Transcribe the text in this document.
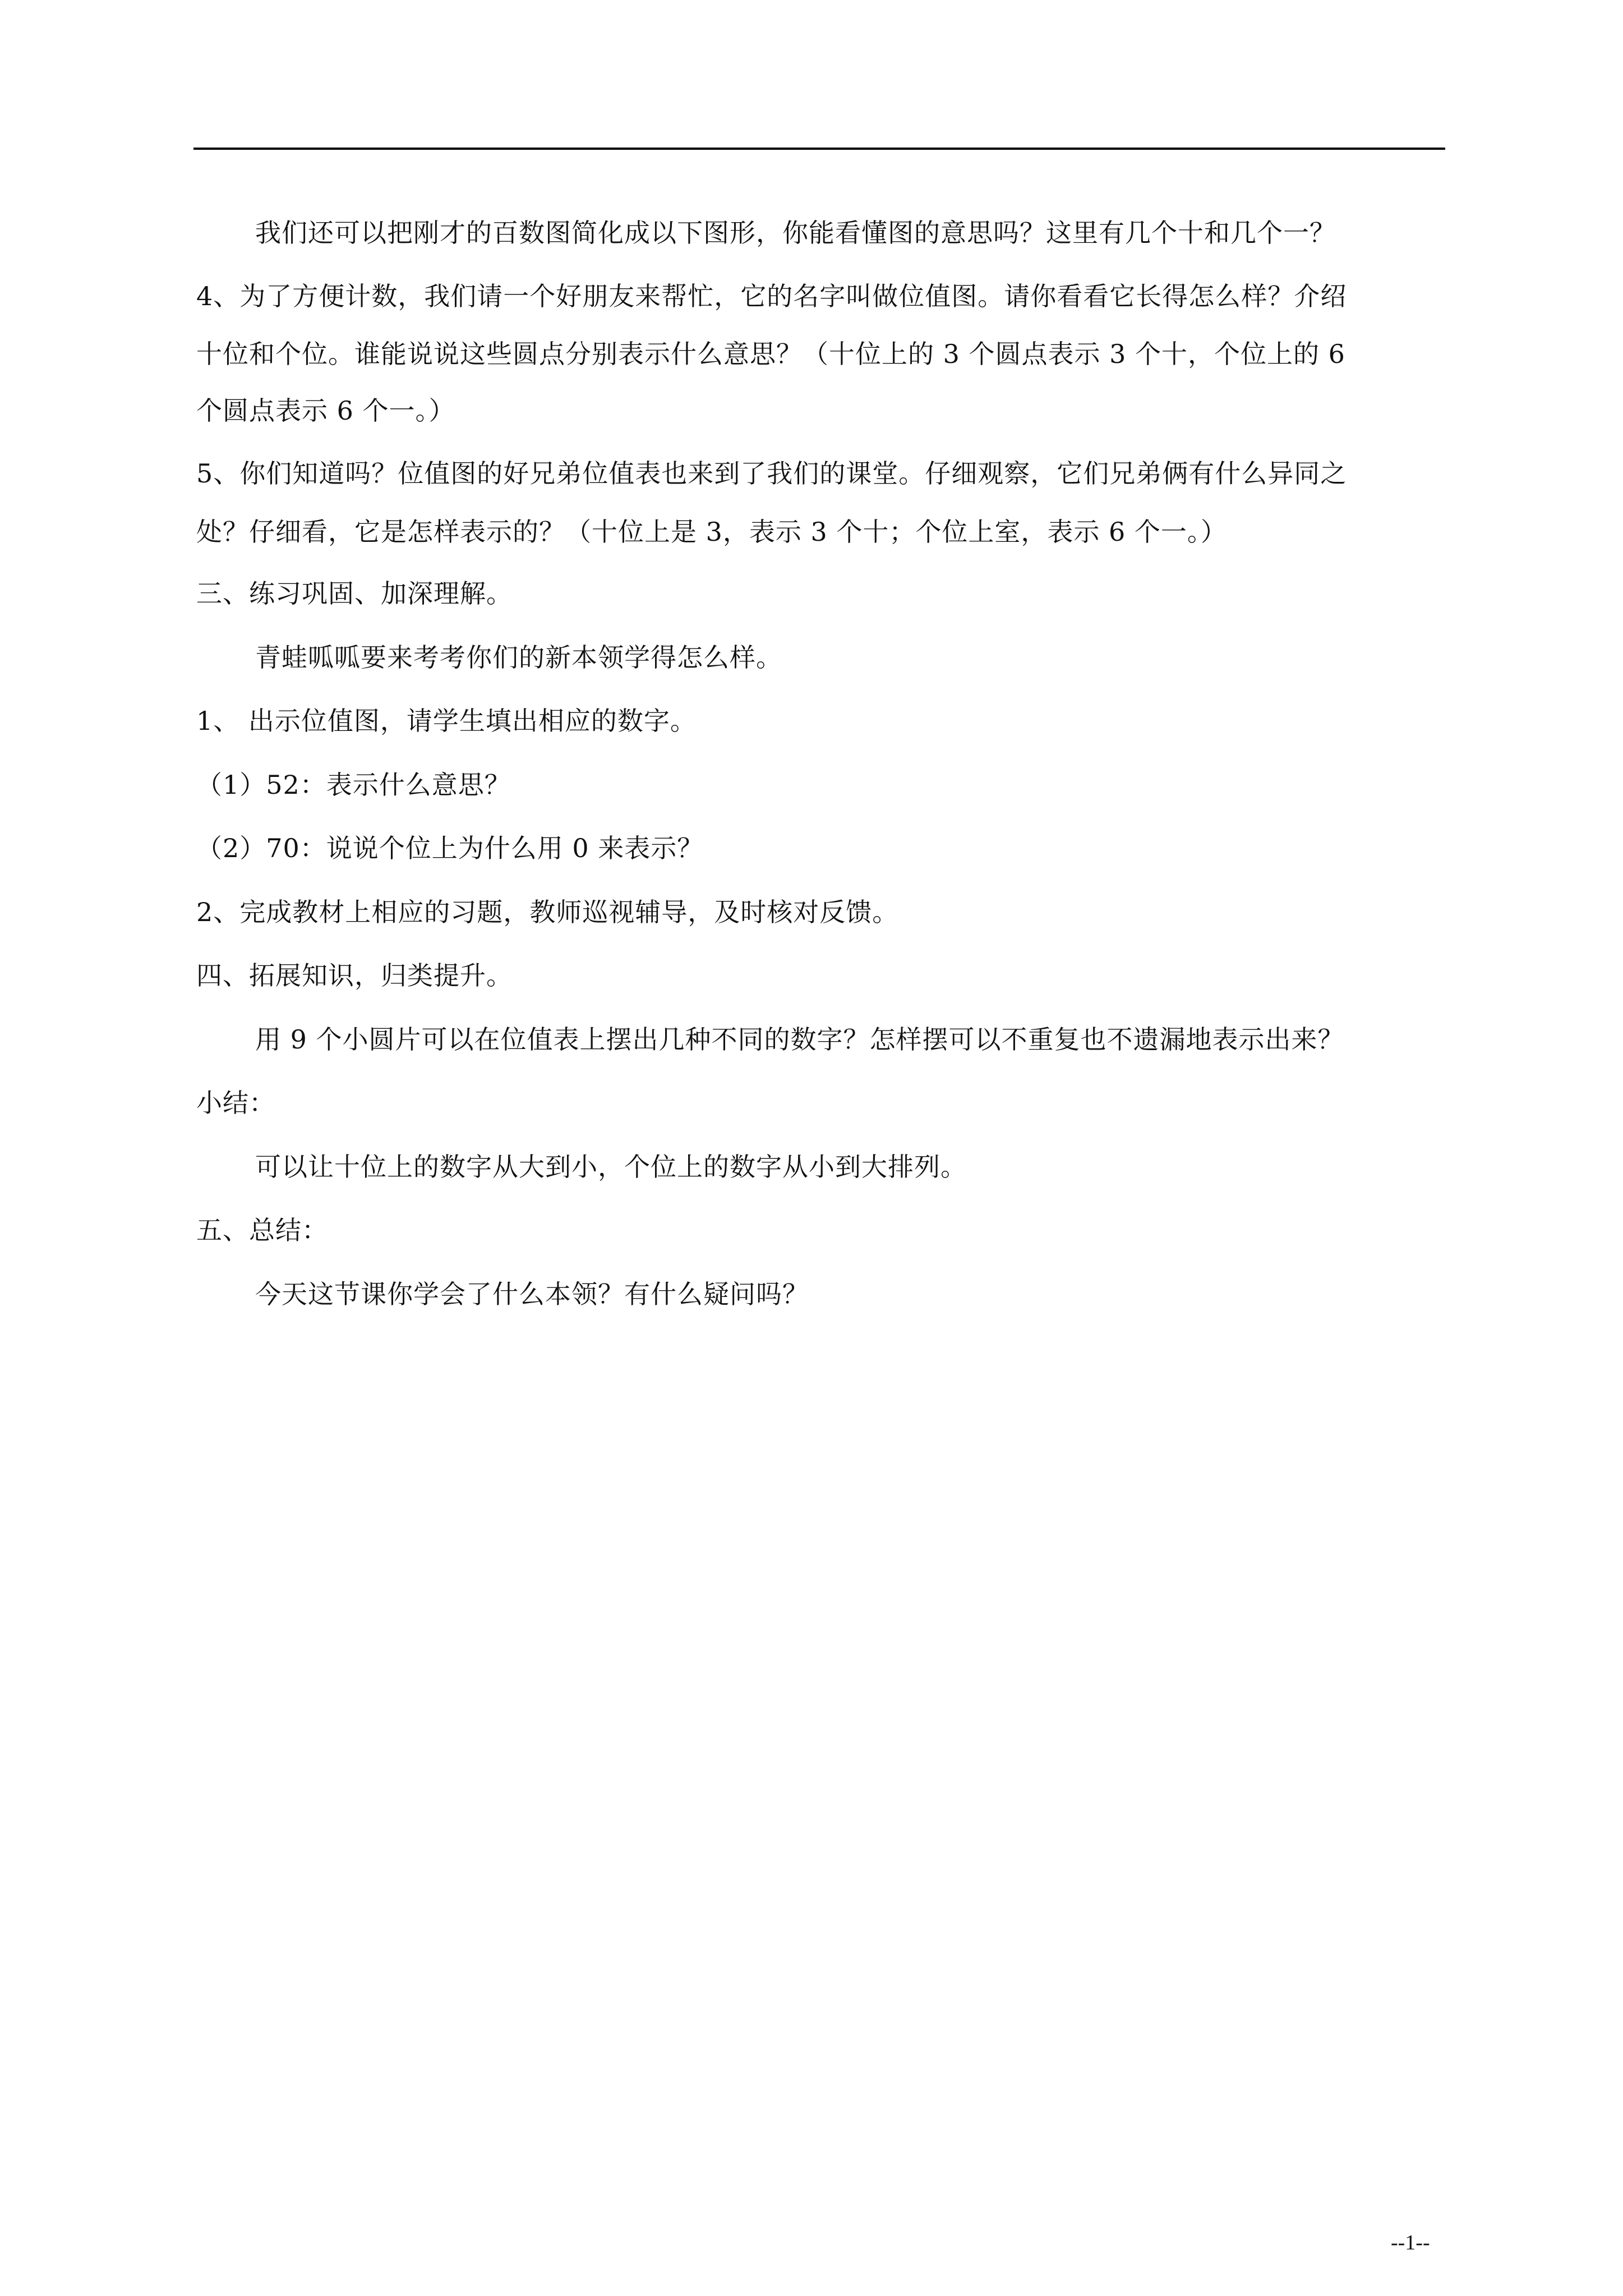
我们还可以把刚才的百数图简化成以下图形，你能看懂图的意思吗？这里有几个十和几个一？
4、为了方便计数，我们请一个好朋友来帮忙，它的名字叫做位值图。请你看看它长得怎么样？介绍
十位和个位。谁能说说这些圆点分别表示什么意思？（十位上的 3 个圆点表示 3 个十，个位上的 6
个圆点表示 6 个一。）
5、你们知道吗？位值图的好兄弟位值表也来到了我们的课堂。仔细观察，它们兄弟俩有什么异同之
处？仔细看，它是怎样表示的？（十位上是 3，表示 3 个十；个位上室，表示 6 个一。）
三、练习巩固、加深理解。
青蛙呱呱要来考考你们的新本领学得怎么样。
1、 出示位值图，请学生填出相应的数字。
（1）52：表示什么意思？
（2）70：说说个位上为什么用 0 来表示？
2、完成教材上相应的习题，教师巡视辅导，及时核对反馈。
四、拓展知识，归类提升。
用 9 个小圆片可以在位值表上摆出几种不同的数字？怎样摆可以不重复也不遗漏地表示出来？
小结：
可以让十位上的数字从大到小，个位上的数字从小到大排列。
五、总结：
今天这节课你学会了什么本领？有什么疑问吗？
--1--
